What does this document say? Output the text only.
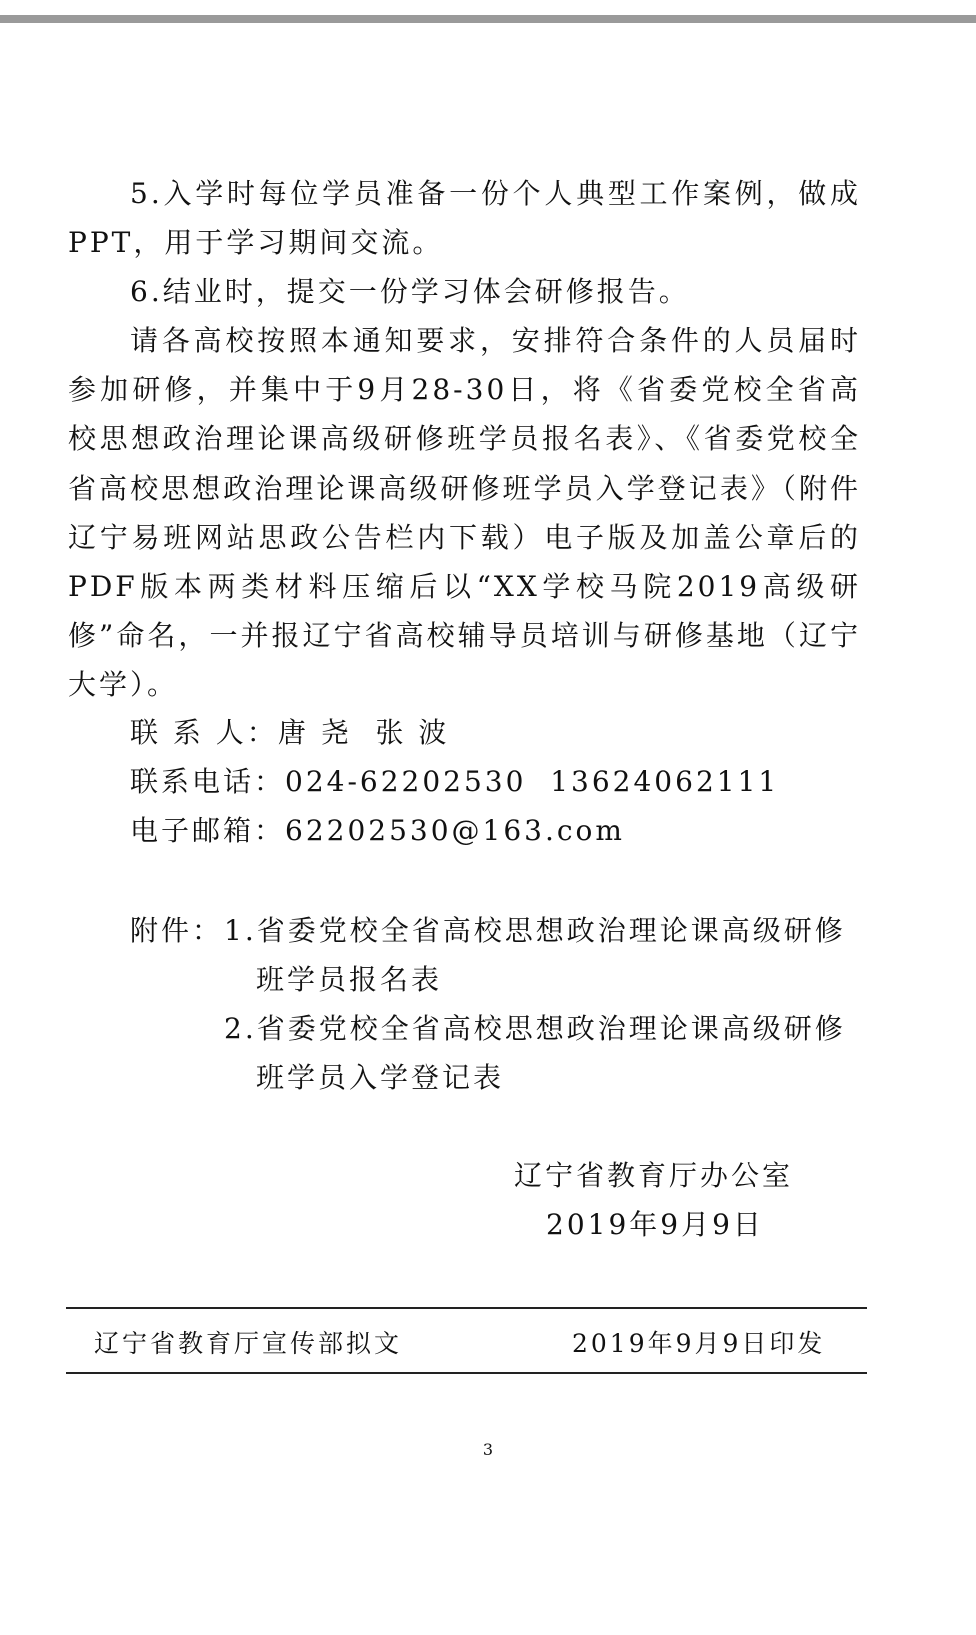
5.入学时每位学员准备一份个人典型工作案例，做成PPT，用于学习期间交流。

6.结业时，提交一份学习体会研修报告。

请各高校按照本通知要求，安排符合条件的人员届时参加研修，并集中于9月28-30日，将《省委党校全省高校思想政治理论课高级研修班学员报名表》、《省委党校全省高校思想政治理论课高级研修班学员入学登记表》（附件辽宁易班网站思政公告栏内下载）电子版及加盖公章后的PDF版本两类材料压缩后以“XX学校马院2019高级研修”命名，一并报辽宁省高校辅导员培训与研修基地（辽宁大学）。

联 系 人：唐 尧  张 波
联系电话：024-62202530  13624062111
电子邮箱：62202530@163.com
附件： 1.省委党校全省高校思想政治理论课高级研修
班学员报名表
2.省委党校全省高校思想政治理论课高级研修
班学员入学登记表
辽宁省教育厅办公室
2019年9月9日
辽宁省教育厅宣传部拟文	2019年9月9日印发
3
